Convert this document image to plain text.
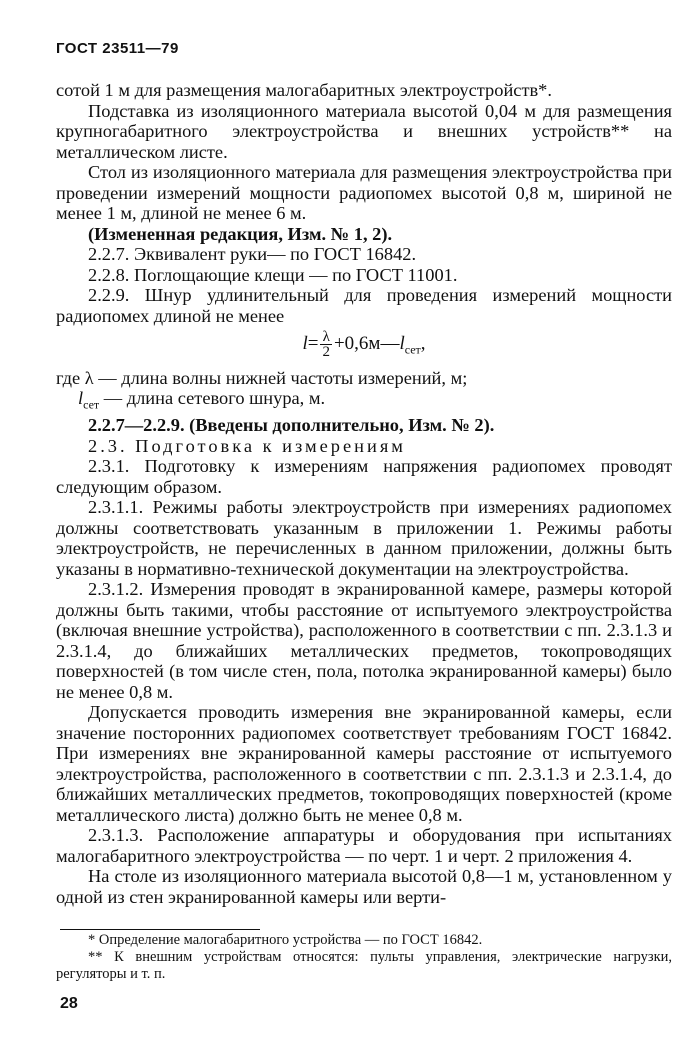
ГОСТ 23511—79

сотой 1 м для размещения малогабаритных электроустройств*.

Подставка из изоляционного материала высотой 0,04 м для размещения крупногабаритного электроустройства и внешних устройств** на металлическом листе.

Стол из изоляционного материала для размещения электроустройства при проведении измерений мощности радиопомех высотой 0,8 м, шириной не менее 1 м, длиной не менее 6 м.

(Измененная редакция, Изм. № 1, 2).

2.2.7. Эквивалент руки— по ГОСТ 16842.

2.2.8. Поглощающие клещи — по ГОСТ 11001.

2.2.9. Шнур удлинительный для проведения измерений мощности радиопомех длиной не менее

$l= \frac{\lambda}{2}$ $+0,6м—l_{сет}$,

где λ — длина волны нижней частоты измерений, м;

$l_{сет}$ — длина сетевого шнура, м.

2.2.7—2.2.9. (Введены дополнительно, Изм. № 2).

2.3. Подготовка к измерениям

2.3.1. Подготовку к измерениям напряжения радиопомех проводят следующим образом.

2.3.1.1. Режимы работы электроустройств при измерениях радиопомех должны соответствовать указанным в приложении 1. Режимы работы электроустройств, не перечисленных в данном приложении, должны быть указаны в нормативно-технической документации на электроустройства.

2.3.1.2. Измерения проводят в экранированной камере, размеры которой должны быть такими, чтобы расстояние от испытуемого электроустройства (включая внешние устройства), расположенного в соответствии с пп. 2.3.1.3 и 2.3.1.4, до ближайших металлических предметов, токопроводящих поверхностей (в том числе стен, пола, потолка экранированной камеры) было не менее 0,8 м.

Допускается проводить измерения вне экранированной камеры, если значение посторонних радиопомех соответствует требованиям ГОСТ 16842. При измерениях вне экранированной камеры расстояние от испытуемого электроустройства, расположенного в соответствии с пп. 2.3.1.3 и 2.3.1.4, до ближайших металлических предметов, токопроводящих поверхностей (кроме металлического листа) должно быть не менее 0,8 м.

2.3.1.3. Расположение аппаратуры и оборудования при испытаниях малогабаритного электроустройства — по черт. 1 и черт. 2 приложения 4.

На столе из изоляционного материала высотой 0,8—1 м, установленном у одной из стен экранированной камеры или верти-

* Определение малогабаритного устройства — по ГОСТ 16842.

** К внешним устройствам относятся: пульты управления, электрические нагрузки, регуляторы и т. п.

28
